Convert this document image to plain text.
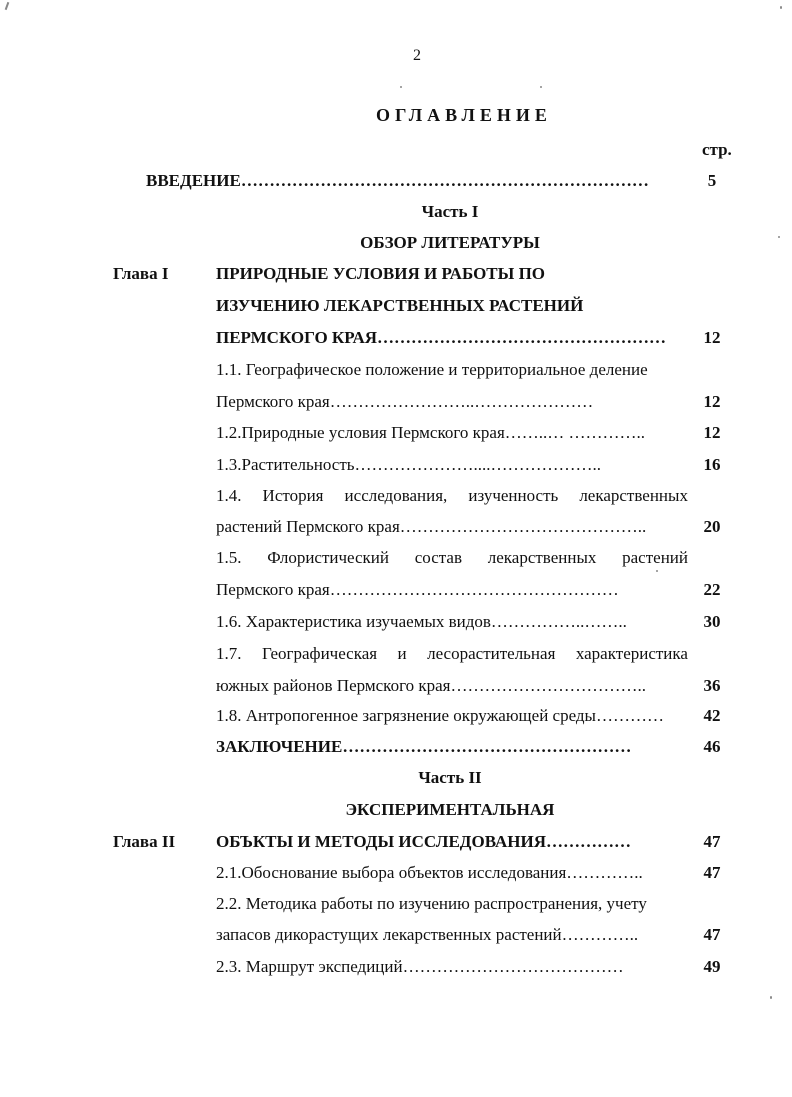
2
ОГЛАВЛЕНИЕ
стр.
ВВЕДЕНИЕ………………………………………………………………	5
Часть I
ОБЗОР ЛИТЕРАТУРЫ
Глава I	ПРИРОДНЫЕ УСЛОВИЯ И РАБОТЫ ПО
ИЗУЧЕНИЮ ЛЕКАРСТВЕННЫХ РАСТЕНИЙ
ПЕРМСКОГО КРАЯ……………………………………………	12
1.1. Географическое положение и территориальное деление
Пермского края……………………..…………………	12
1.2.Природные условия Пермского края……..… …………..	12
1.3.Растительность…………………....………………..	16
1.4. История исследования, изученность лекарственных
растений Пермского края……………………………………..	20
1.5. Флористический состав лекарственных растений
Пермского края……………………………………………	22
1.6. Характеристика изучаемых видов……………..……..	30
1.7. Географическая и лесорастительная характеристика
южных районов Пермского края……………………………..	36
1.8. Антропогенное загрязнение окружающей среды…………	42
ЗАКЛЮЧЕНИЕ……………………………………………	46
Часть II
ЭКСПЕРИМЕНТАЛЬНАЯ
Глава II ОБЪКТЫ И МЕТОДЫ ИССЛЕДОВАНИЯ……………	47
2.1.Обоснование выбора объектов исследования…………..	47
2.2. Методика работы по изучению распространения, учету
запасов дикорастущих лекарственных растений…………..	47
2.3. Маршрут экспедиций…………………………………	49
